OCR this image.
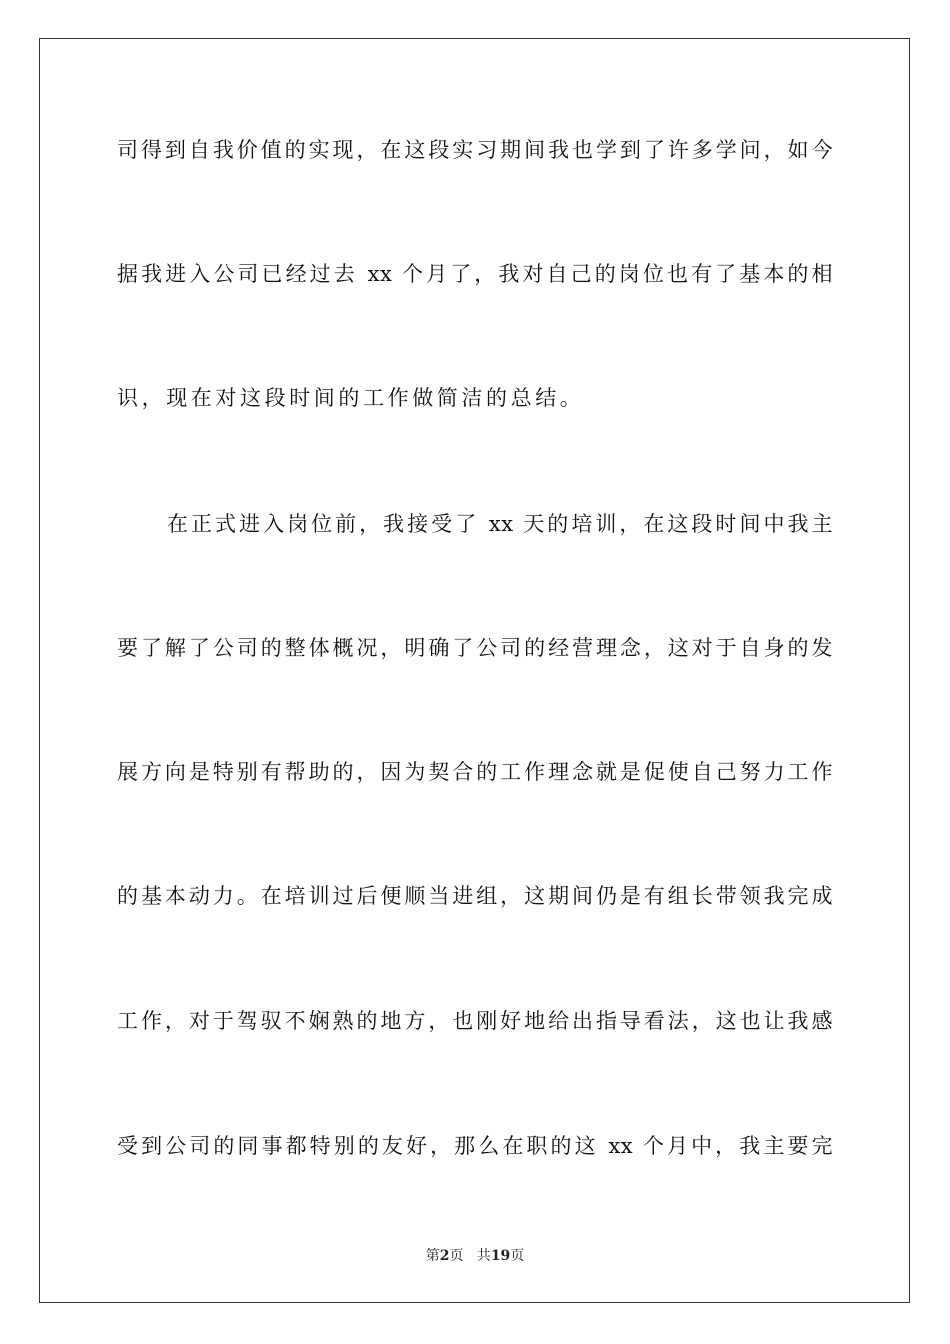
司得到自我价值的实现，在这段实习期间我也学到了许多学问，如今
据我进入公司已经过去 xx 个月了，我对自己的岗位也有了基本的相
识，现在对这段时间的工作做简洁的总结。
在正式进入岗位前，我接受了 xx 天的培训，在这段时间中我主
要了解了公司的整体概况，明确了公司的经营理念，这对于自身的发
展方向是特别有帮助的，因为契合的工作理念就是促使自己努力工作
的基本动力。在培训过后便顺当进组，这期间仍是有组长带领我完成
工作，对于驾驭不娴熟的地方，也刚好地给出指导看法，这也让我感
受到公司的同事都特别的友好，那么在职的这 xx 个月中，我主要完
第2页   共19页
